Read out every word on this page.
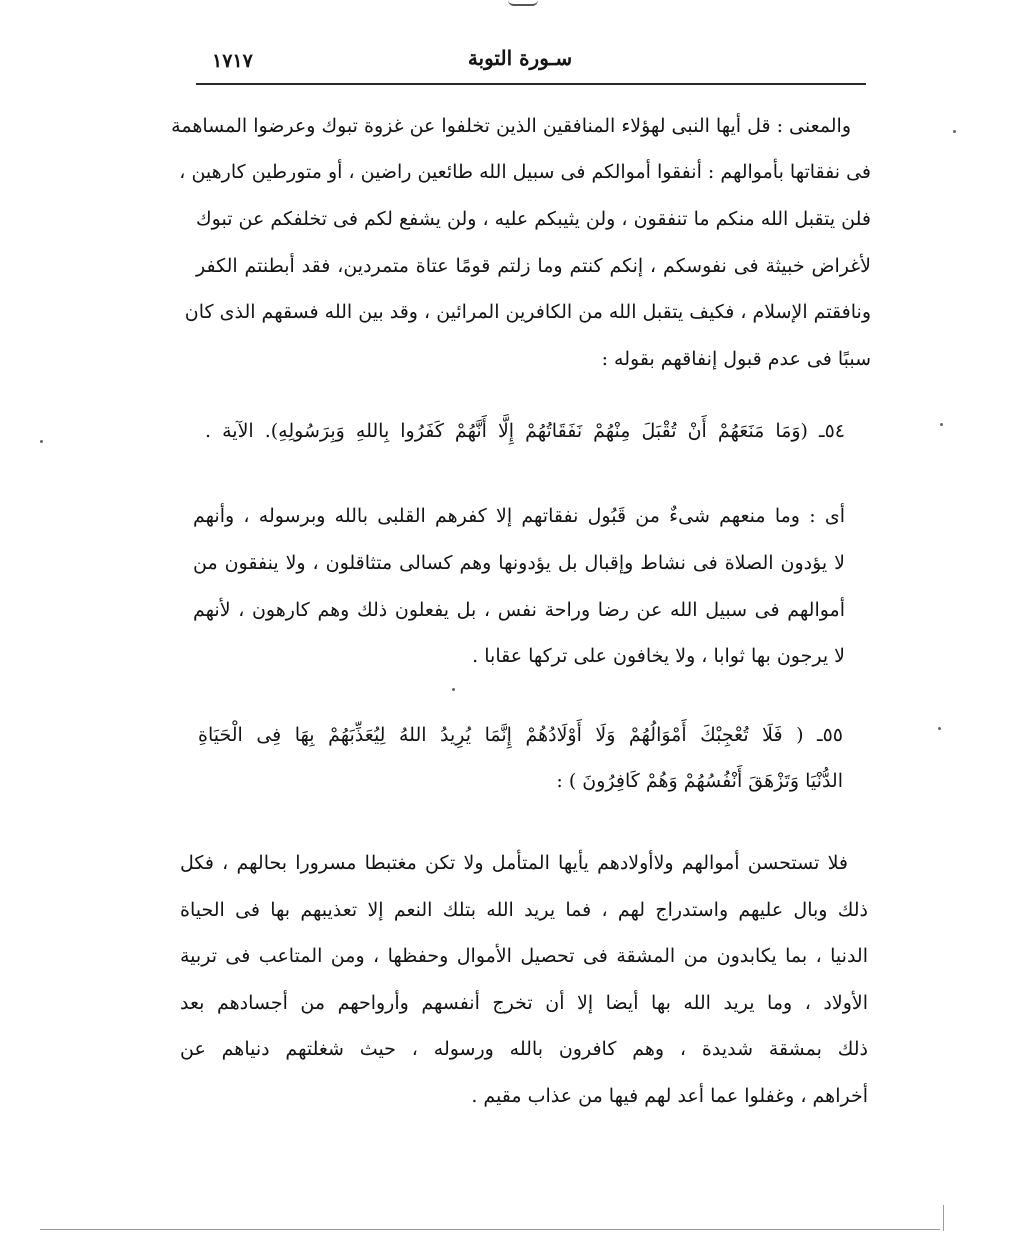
١٧١٧	سـورة التوبة
والمعنى : قل أيها النبى لهؤلاء المنافقين الذين تخلفوا عن غزوة تبوك وعرضوا المساهمة
فى نفقاتها بأموالهم : أنفقوا أموالكم فى سبيل الله طائعين راضين ، أو متورطين كارهين ،
فلن يتقبل الله منكم ما تنفقون ، ولن يثيبكم عليه ، ولن يشفع لكم فى تخلفكم عن تبوك
لأغراض خبيثة فى نفوسكم ، إنكم كنتم وما زلتم قومًا عتاة متمردين، فقد أبطنتم الكفر
ونافقتم الإسلام ، فكيف يتقبل الله من الكافرين المرائين ، وقد بين الله فسقهم الذى كان
سببًا فى عدم قبول إنفاقهم بقوله :
٥٤ـ (وَمَا مَنَعَهُمْ أَنْ تُقْبَلَ مِنْهُمْ نَفَقَاتُهُمْ إِلَّا أَنَّهُمْ كَفَرُوا بِاللهِ وَبِرَسُولِهِ). الآية .
أى : وما منعهم شىءٌ من قَبُول نفقاتهم إلا كفرهم القلبى بالله وبرسوله ، وأنهم
لا يؤدون الصلاة فى نشاط وإقبال بل يؤدونها وهم كسالى متثاقلون ، ولا ينفقون من
أموالهم فى سبيل الله عن رضا وراحة نفس ، بل يفعلون ذلك وهم كارهون ، لأنهم
لا يرجون بها ثوابا ، ولا يخافون على تركها عقابا .
٥٥ـ ( فَلَا تُعْجِبْكَ أَمْوَالُهُمْ وَلَا أَوْلَادُهُمْ إِنَّمَا يُرِيدُ اللهُ لِيُعَذِّبَهُمْ بِهَا فِى الْحَيَاةِ
الدُّنْيَا وَتَزْهَقَ أَنْفُسُهُمْ وَهُمْ كَافِرُونَ ) :
فلا تستحسن أموالهم ولاأولادهم يأيها المتأمل ولا تكن مغتبطا مسرورا بحالهم ، فكل
ذلك وبال عليهم واستدراج لهم ، فما يريد الله بتلك النعم إلا تعذيبهم بها فى الحياة
الدنيا ، بما يكابدون من المشقة فى تحصيل الأموال وحفظها ، ومن المتاعب فى تربية
الأولاد ، وما يريد الله بها أيضا إلا أن تخرج أنفسهم وأرواحهم من أجسادهم بعد
ذلك بمشقة شديدة ، وهم كافرون بالله ورسوله ، حيث شغلتهم دنياهم عن
أخراهم ، وغفلوا عما أعد لهم فيها من عذاب مقيم .
